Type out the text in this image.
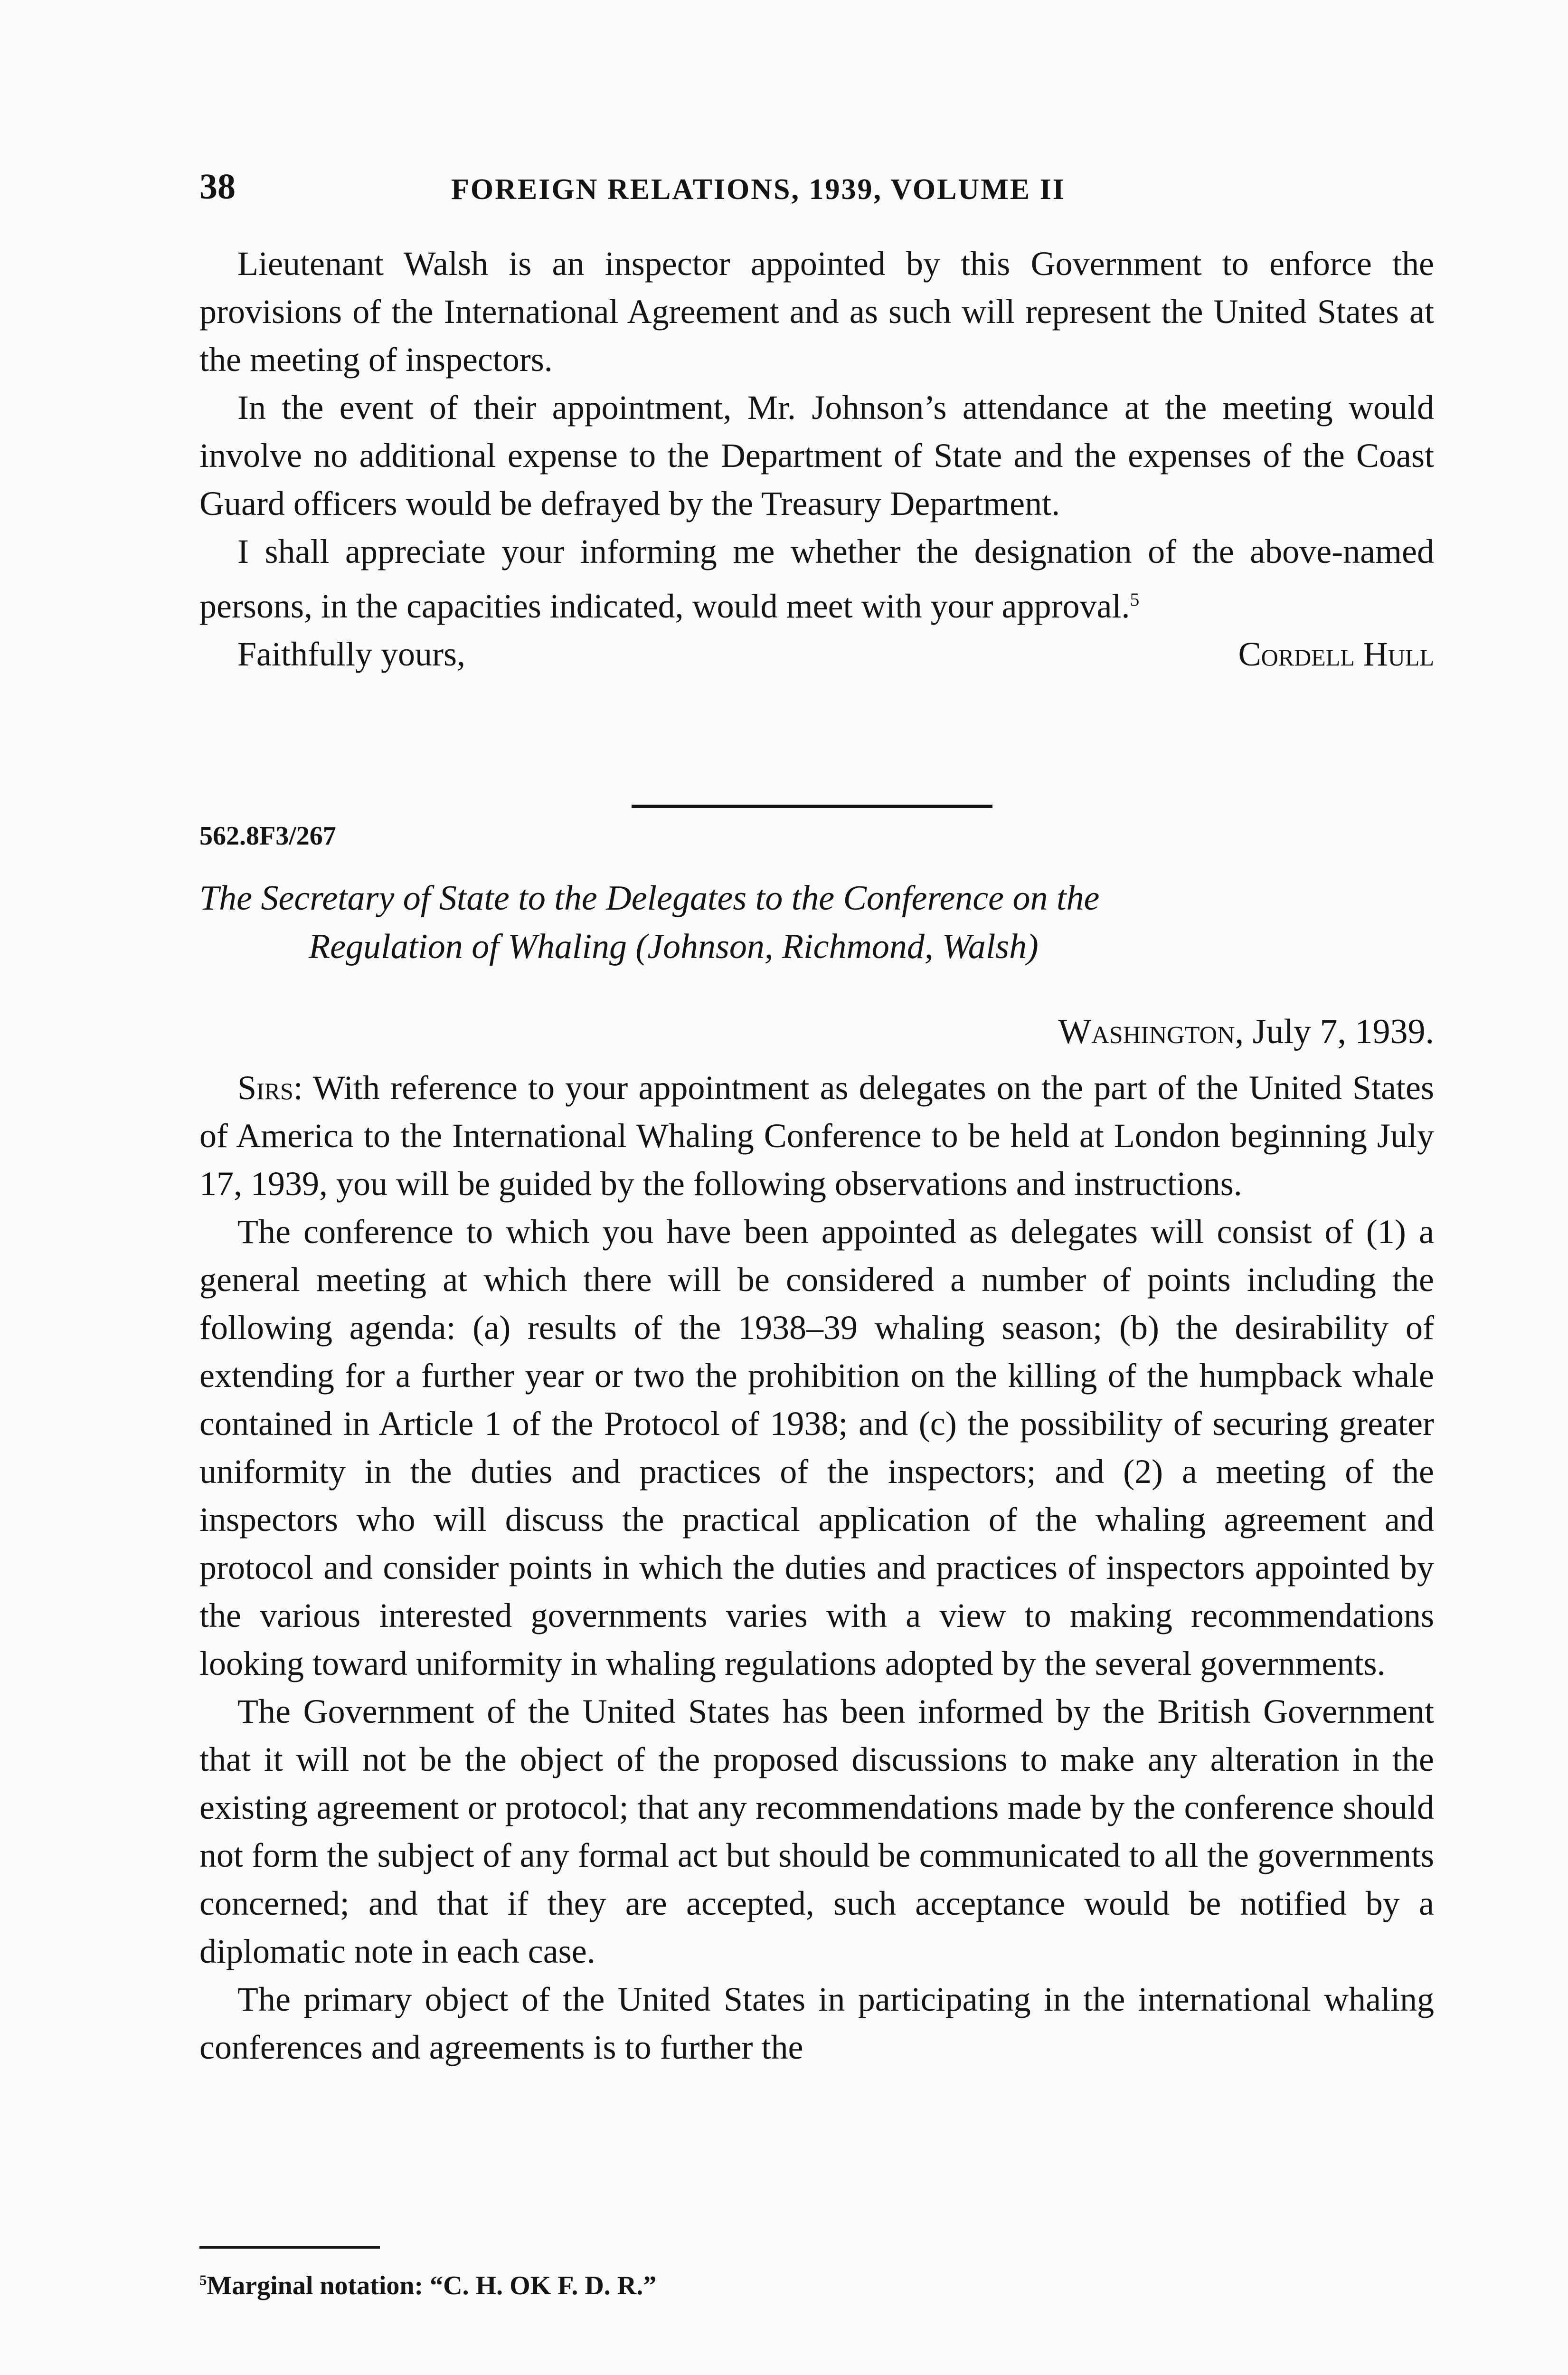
38	FOREIGN RELATIONS, 1939, VOLUME II

Lieutenant Walsh is an inspector appointed by this Government to enforce the provisions of the International Agreement and as such will represent the United States at the meeting of inspectors.

In the event of their appointment, Mr. Johnson’s attendance at the meeting would involve no additional expense to the Department of State and the expenses of the Coast Guard officers would be defrayed by the Treasury Department.

I shall appreciate your informing me whether the designation of the above-named persons, in the capacities indicated, would meet with your approval.$^5$

Faithfully yours,	Cordell Hull
562.8F3/267
The Secretary of State to the Delegates to the Conference on the
Regulation of Whaling (Johnson, Richmond, Walsh)
Washington, July 7, 1939.

Sirs: With reference to your appointment as delegates on the part of the United States of America to the International Whaling Conference to be held at London beginning July 17, 1939, you will be guided by the following observations and instructions.

The conference to which you have been appointed as delegates will consist of (1) a general meeting at which there will be considered a number of points including the following agenda: (a) results of the 1938–39 whaling season; (b) the desirability of extending for a further year or two the prohibition on the killing of the humpback whale contained in Article 1 of the Protocol of 1938; and (c) the possibility of securing greater uniformity in the duties and practices of the inspectors; and (2) a meeting of the inspectors who will discuss the practical application of the whaling agreement and protocol and consider points in which the duties and practices of inspectors appointed by the various interested governments varies with a view to making recommendations looking toward uniformity in whaling regulations adopted by the several governments.

The Government of the United States has been informed by the British Government that it will not be the object of the proposed discussions to make any alteration in the existing agreement or protocol; that any recommendations made by the conference should not form the subject of any formal act but should be communicated to all the governments concerned; and that if they are accepted, such acceptance would be notified by a diplomatic note in each case.

The primary object of the United States in participating in the international whaling conferences and agreements is to further the

$^5$Marginal notation: “C. H. OK F. D. R.”
